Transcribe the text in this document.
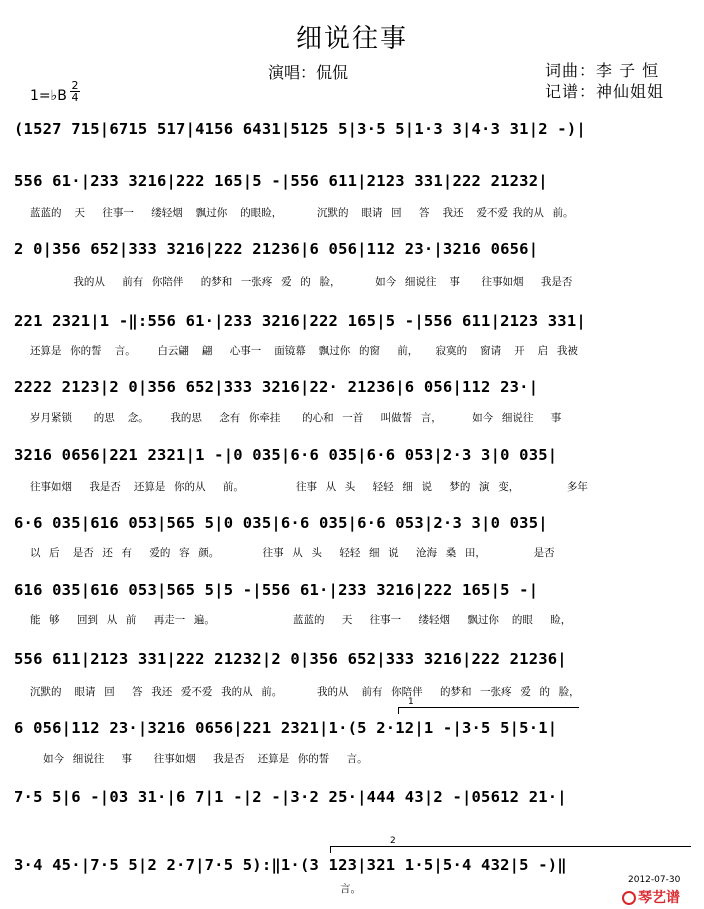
细说往事
演唱：侃侃	词曲：李 子 恒
记谱：神仙姐姐
1=♭B
2
4
(1527 715|6715 517|4156 6431|5125 5|3·5 5|1·3 3|4·3 31|2 -)|
556 61·|233 3216|222 165|5 -|556 611|2123 331|222 21232|
蓝蓝的   天    往事一    缕轻烟   飘过你   的眼睑，        沉默的   眼请  回    答   我还   爱不爱 我的从  前。
2 0|356 652|333 3216|222 21236|6 056|112 23·|3216 0656|
我的从    前有  你陪伴    的梦和  一张疼  爱  的  脸，        如今  细说往   事     往事如烟    我是否
221 2321|1 -‖:556 61·|233 3216|222 165|5 -|556 611|2123 331|
还算是  你的誓   言。     白云翩   翩    心事一   面镜幕   飘过你  的窗    前，    寂寞的   窗请   开   启  我被
2222 2123|2 0|356 652|333 3216|22· 21236|6 056|112 23·|
岁月紧锁     的思   念。     我的思    念有  你牵挂     的心和  一首    叫做誓  言，       如今  细说往    事
3216 0656|221 2321|1 -|0 035|6·6 035|6·6 053|2·3 3|0 035|
往事如烟    我是否   还算是  你的从    前。            往事  从  头    轻轻  细  说    梦的  演  变，           多年
6·6 035|616 053|565 5|0 035|6·6 035|6·6 053|2·3 3|0 035|
以  后   是否  还  有    爱的  容  颜。          往事  从  头    轻轻  细  说    沧海  桑  田，           是否
616 035|616 053|565 5|5 -|556 61·|233 3216|222 165|5 -|
能  够    回到  从  前    再走一  遍。                  蓝蓝的    天    往事一    缕轻烟    飘过你   的眼    睑，
556 611|2123 331|222 21232|2 0|356 652|333 3216|222 21236|
沉默的   眼请  回    答  我还  爱不爱  我的从  前。        我的从   前有  你陪伴    的梦和  一张疼  爱  的  脸，
1
6 056|112 23·|3216 0656|221 2321|1·(5 2·12|1 -|3·5 5|5·1|
如今  细说往    事     往事如烟    我是否   还算是  你的誓    言。
7·5 5|6 -|03 31·|6 7|1 -|2 -|3·2 25·|444 43|2 -|05612 21·|
2
3·4 45·|7·5 5|2 2·7|7·5 5):‖1·(3 123|321 1·5|5·4 432|5 -)‖
言。
2012-07-30
琴艺谱
